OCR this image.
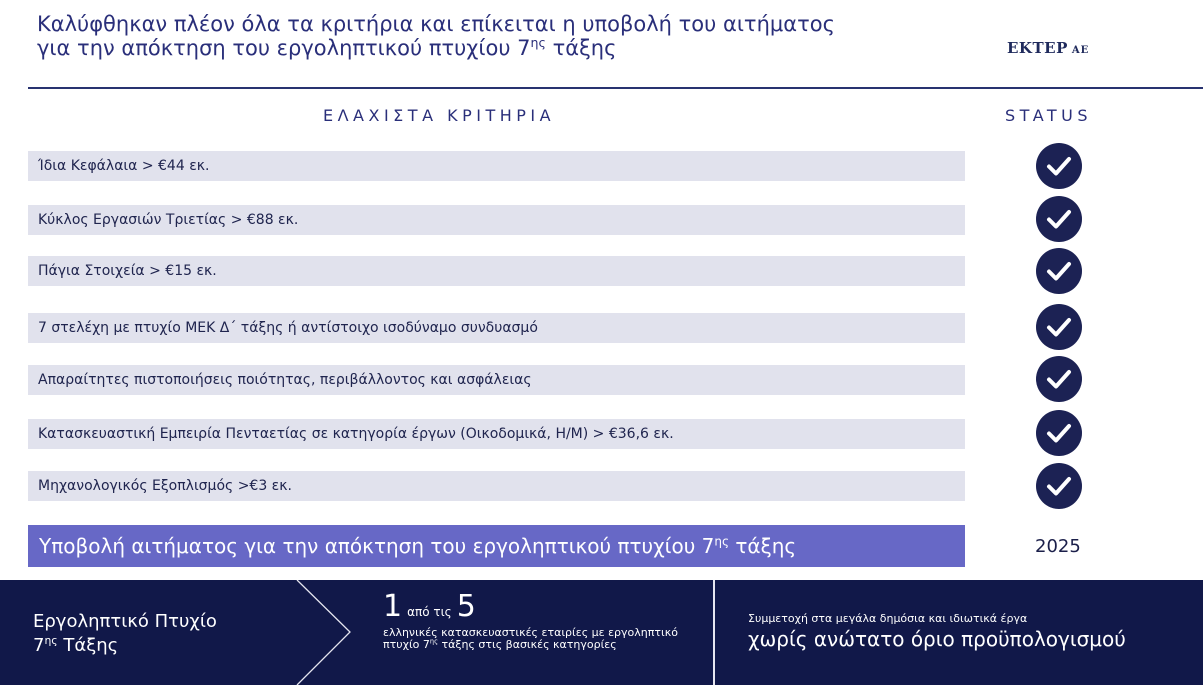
Καλύφθηκαν πλέον όλα τα κριτήρια και επίκειται η υποβολή του αιτήματος
για την απόκτηση του εργοληπτικού πτυχίου $7^{\eta\varsigma}$ τάξης	ΕΚΤΕΡ ΑΕ
ΕΛΑΧΙΣΤΑ ΚΡΙΤΗΡΙΑ	STATUS
Ίδια Κεφάλαια > €44 εκ.
Κύκλος Εργασιών Τριετίας > €88 εκ.
Πάγια Στοιχεία > €15 εκ.
7 στελέχη με πτυχίο ΜΕΚ Δ΄ τάξης ή αντίστοιχο ισοδύναμο συνδυασμό
Απαραίτητες πιστοποιήσεις ποιότητας, περιβάλλοντος και ασφάλειας
Κατασκευαστική Εμπειρία Πενταετίας σε κατηγορία έργων (Οικοδομικά, Η/Μ) > €36,6 εκ.
Μηχανολογικός Εξοπλισμός >€3 εκ.
Υποβολή αιτήματος για την απόκτηση του εργοληπτικού πτυχίου $7^{\eta\varsigma}$ τάξης	2025
Εργοληπτικό Πτυχίο
$7^{\eta\varsigma}$ Τάξης
1 από τις 5
ελληνικές κατασκευαστικές εταιρίες με εργοληπτικό πτυχίο $7^{\eta\varsigma}$ τάξης στις βασικές κατηγορίες
Συμμετοχή στα μεγάλα δημόσια και ιδιωτικά έργα
χωρίς ανώτατο όριο προϋπολογισμού
